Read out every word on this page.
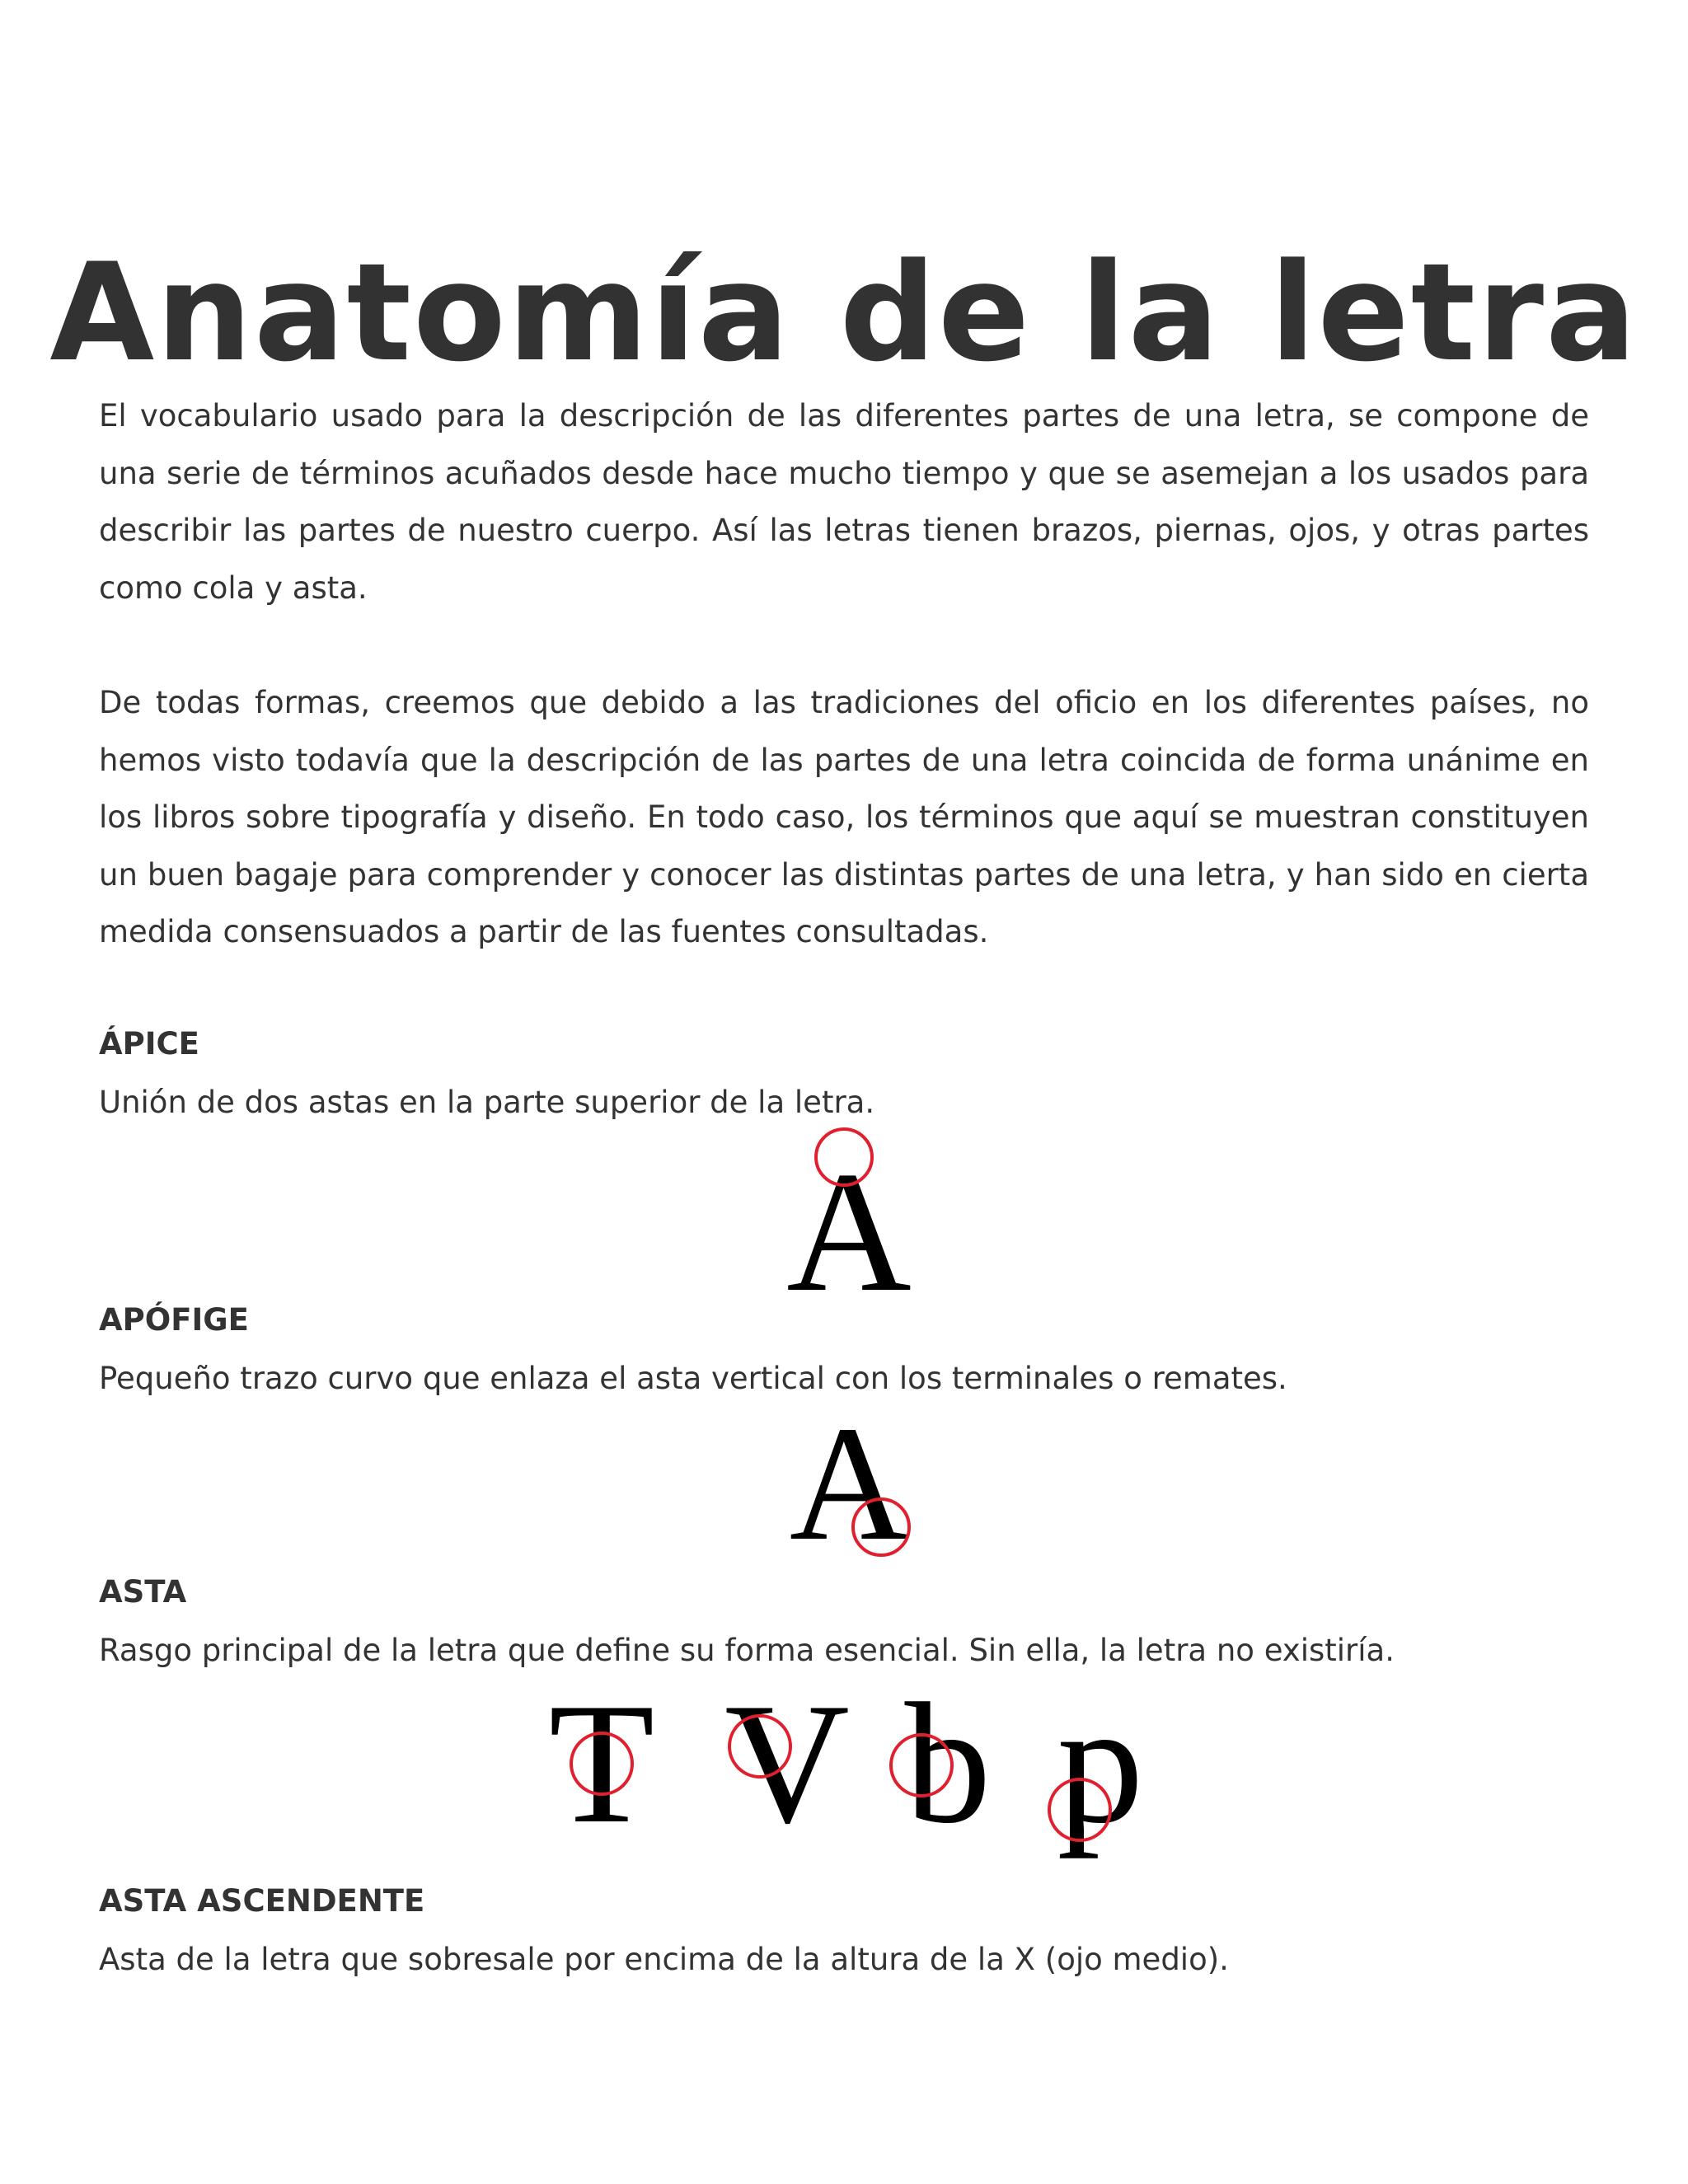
Anatomía de la letra

El vocabulario usado para la descripción de las diferentes partes de una letra, se compone de una serie de términos acuñados desde hace mucho tiempo y que se asemejan a los usados para describir las partes de nuestro cuerpo. Así las letras tienen brazos, piernas, ojos, y otras partes como cola y asta.

De todas formas, creemos que debido a las tradiciones del oficio en los diferentes países, no hemos visto todavía que la descripción de las partes de una letra coincida de forma unánime en los libros sobre tipografía y diseño. En todo caso, los términos que aquí se muestran constituyen un buen bagaje para comprender y conocer las distintas partes de una letra, y han sido en cierta medida consensuados a partir de las fuentes consultadas.

ÁPICE
Unión de dos astas en la parte superior de la letra.
A
APÓFIGE
Pequeño trazo curvo que enlaza el asta vertical con los terminales o remates.
A
ASTA
Rasgo principal de la letra que define su forma esencial. Sin ella, la letra no existiría.
T V b p
ASTA ASCENDENTE
Asta de la letra que sobresale por encima de la altura de la X (ojo medio).
